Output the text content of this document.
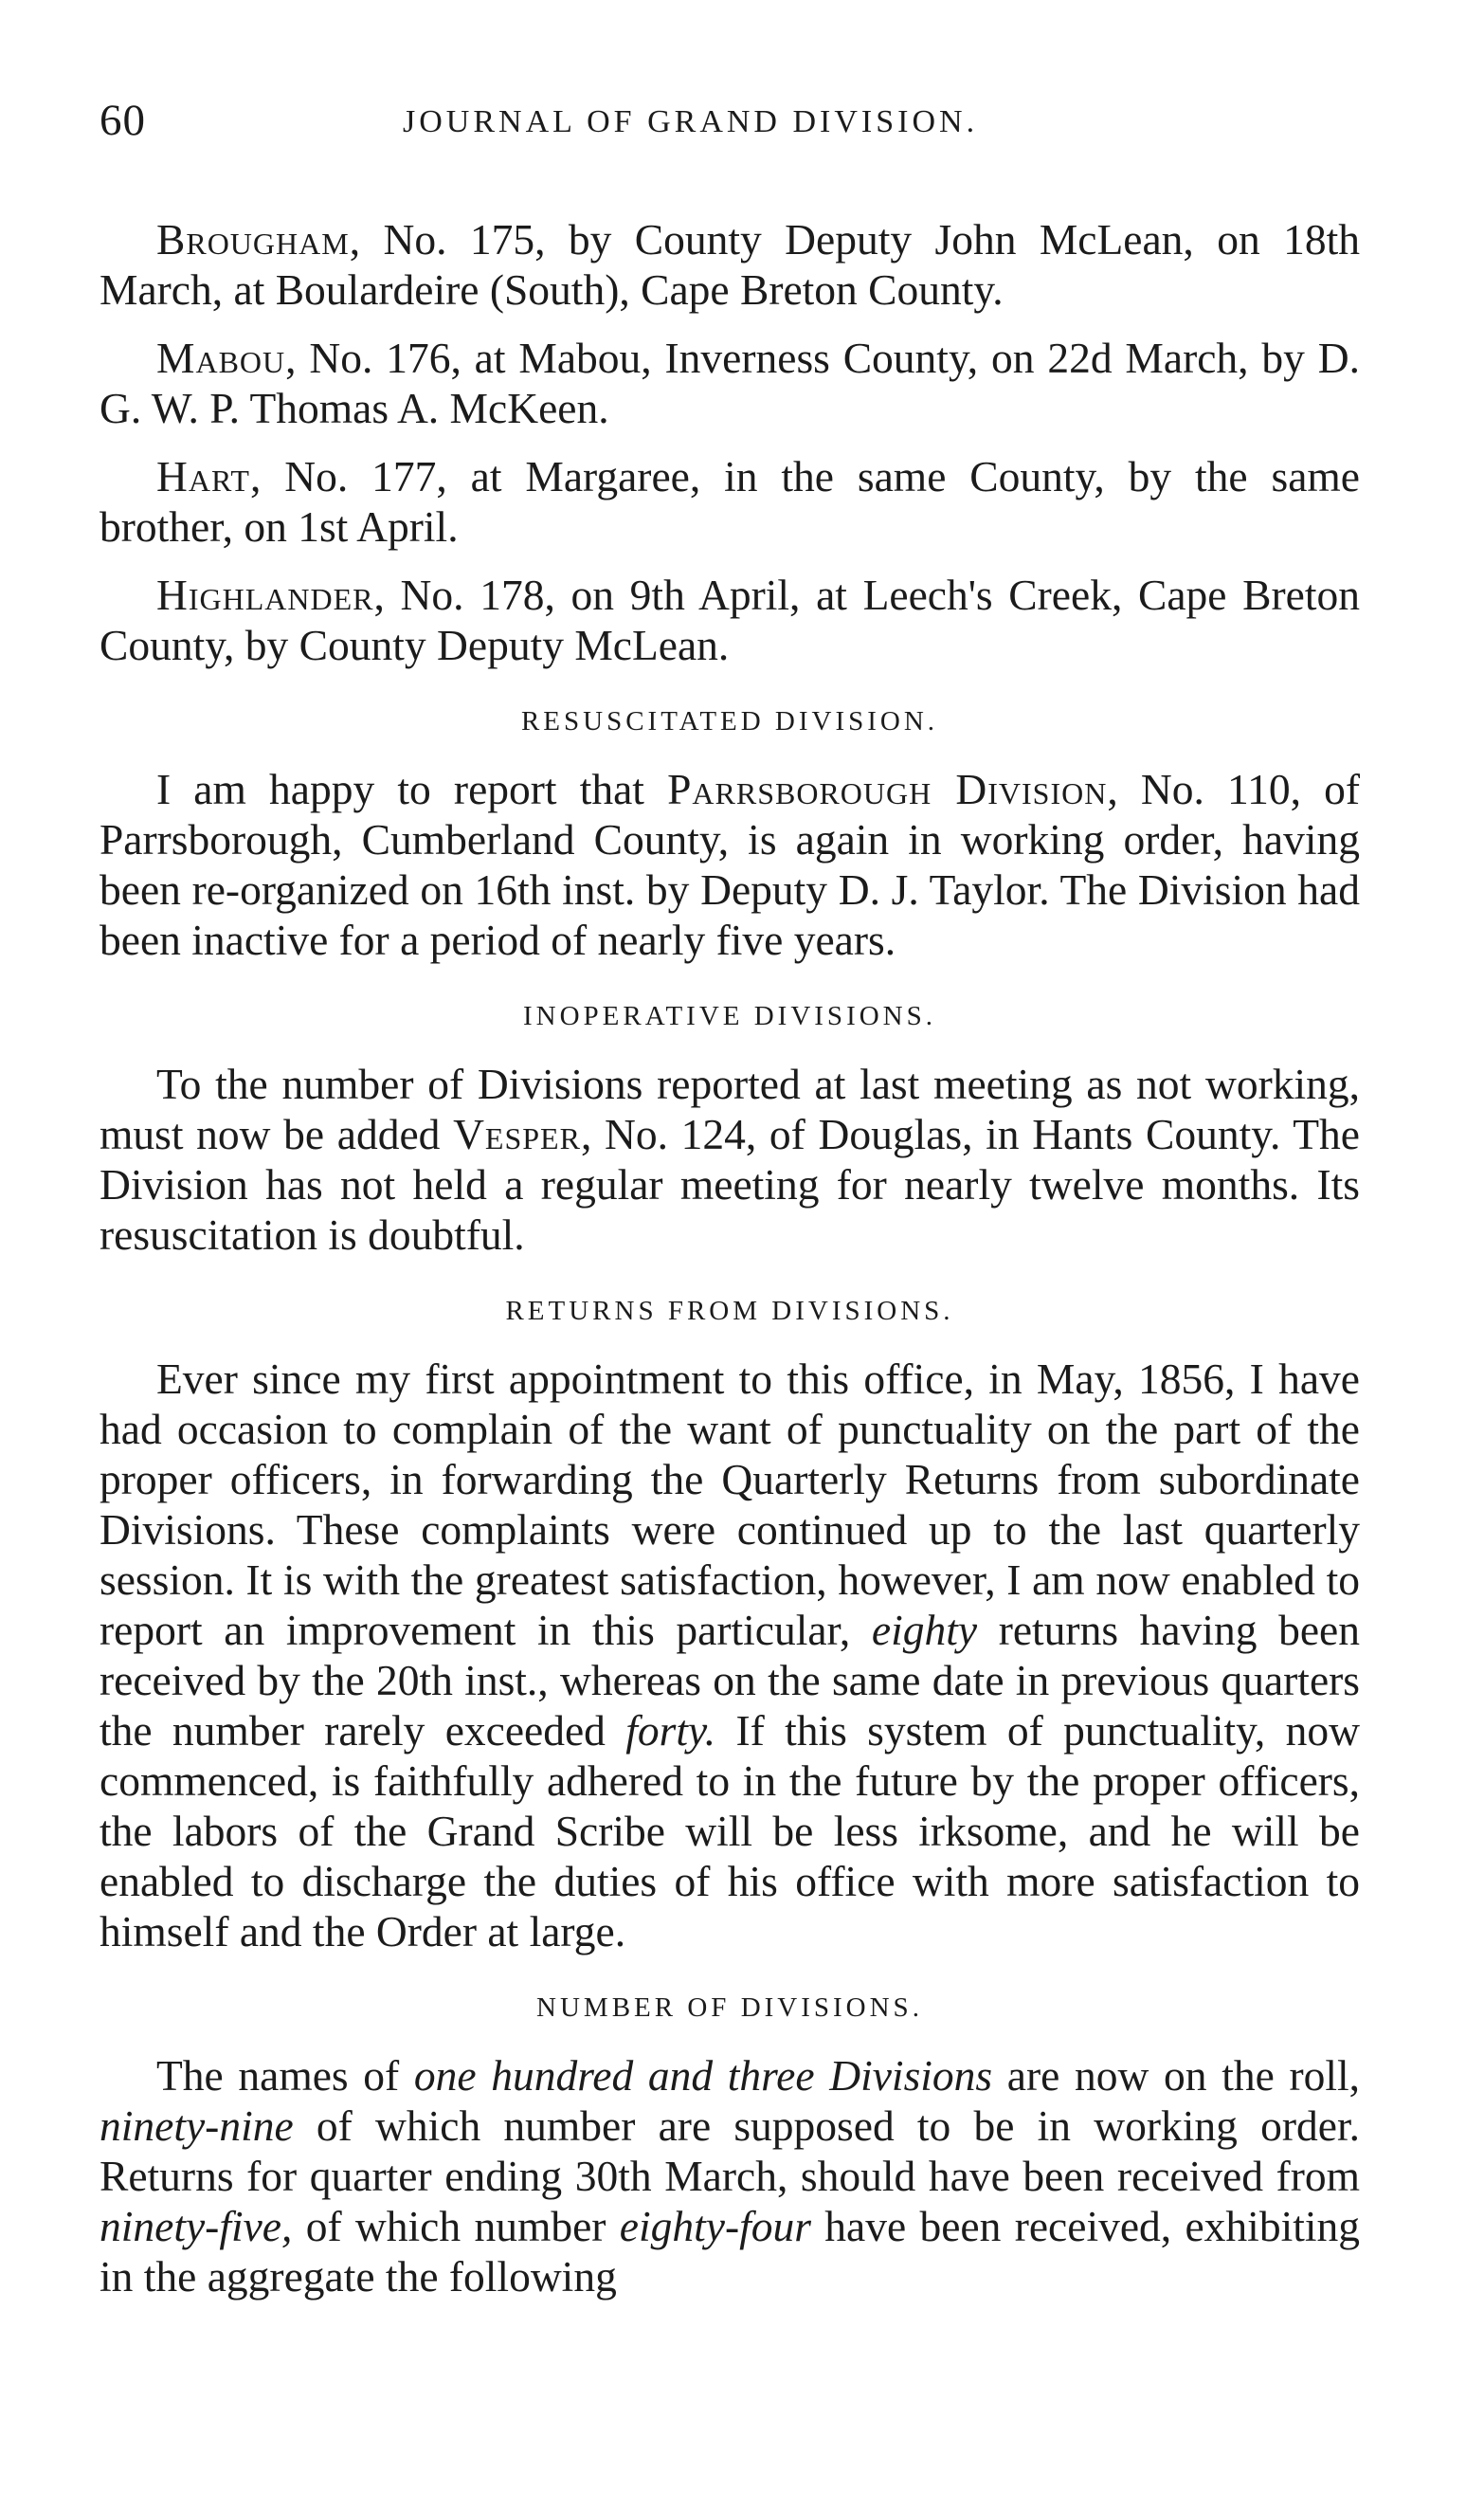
60	JOURNAL OF GRAND DIVISION.

Brougham, No. 175, by County Deputy John McLean, on 18th March, at Boulardeire (South), Cape Breton County.

Mabou, No. 176, at Mabou, Inverness County, on 22d March, by D. G. W. P. Thomas A. McKeen.

Hart, No. 177, at Margaree, in the same County, by the same brother, on 1st April.

Highlander, No. 178, on 9th April, at Leech's Creek, Cape Breton County, by County Deputy McLean.

RESUSCITATED DIVISION.

I am happy to report that Parrsborough Division, No. 110, of Parrsborough, Cumberland County, is again in working order, having been re-organized on 16th inst. by Deputy D. J. Taylor. The Division had been inactive for a period of nearly five years.

INOPERATIVE DIVISIONS.

To the number of Divisions reported at last meeting as not working, must now be added Vesper, No. 124, of Douglas, in Hants County. The Division has not held a regular meeting for nearly twelve months. Its resuscitation is doubtful.

RETURNS FROM DIVISIONS.

Ever since my first appointment to this office, in May, 1856, I have had occasion to complain of the want of punctuality on the part of the proper officers, in forwarding the Quarterly Returns from subordinate Divisions. These complaints were continued up to the last quarterly session. It is with the greatest satisfaction, however, I am now enabled to report an improvement in this particular, eighty returns having been received by the 20th inst., whereas on the same date in previous quarters the number rarely exceeded forty. If this system of punctuality, now commenced, is faithfully adhered to in the future by the proper officers, the labors of the Grand Scribe will be less irksome, and he will be enabled to discharge the duties of his office with more satisfaction to himself and the Order at large.

NUMBER OF DIVISIONS.

The names of one hundred and three Divisions are now on the roll, ninety-nine of which number are supposed to be in working order. Returns for quarter ending 30th March, should have been received from ninety-five, of which number eighty-four have been received, exhibiting in the aggregate the following
